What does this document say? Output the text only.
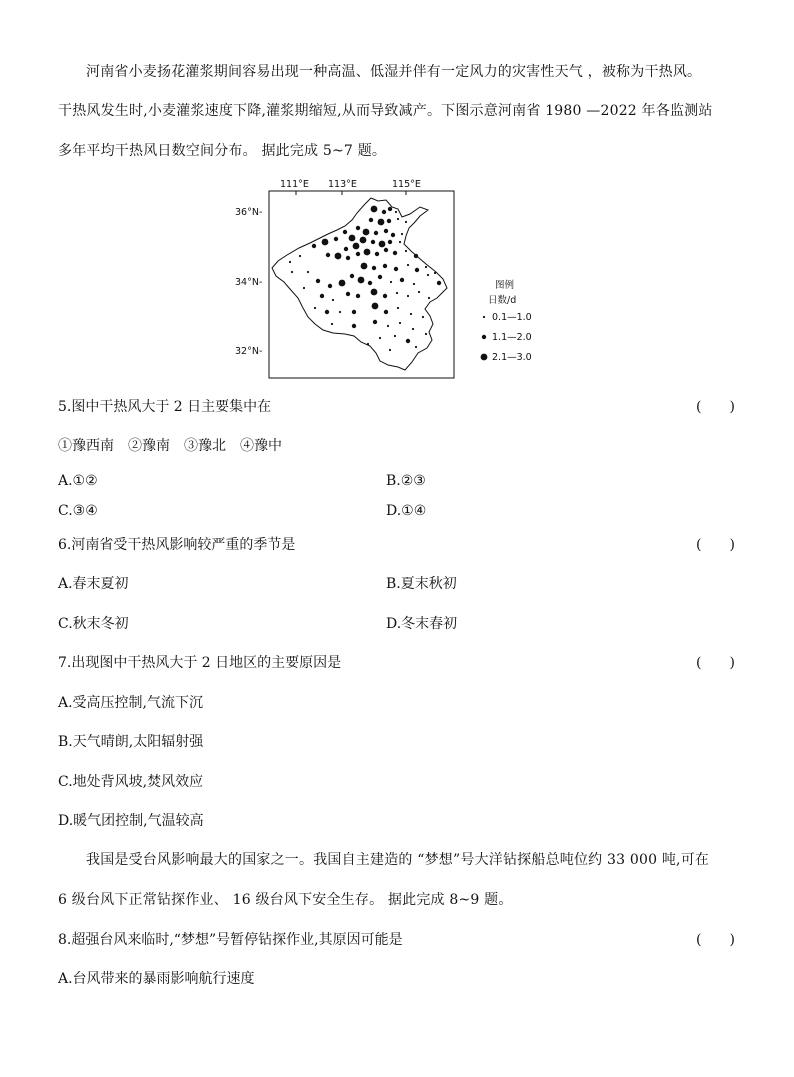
河南省小麦扬花灌浆期间容易出现一种高温、低湿并伴有一定风力的灾害性天气 ，被称为干热风。
干热风发生时,小麦灌浆速度下降,灌浆期缩短,从而导致减产。下图示意河南省 1980 —2022 年各监测站
多年平均干热风日数空间分布。 据此完成 5~7 题。
111°E 113°E	115°E
36°N-
34°N-
32°N-
图例
日数/d
0.1—1.0
1.1—2.0
2.1—3.0
5.图中干热风大于 2 日主要集中在	(　　)
①豫西南　②豫南　③豫北　④豫中
A.①②	B.②③
C.③④	D.①④
6.河南省受干热风影响较严重的季节是	(　　)
A.春末夏初	B.夏末秋初
C.秋末冬初	D.冬末春初
7.出现图中干热风大于 2 日地区的主要原因是	(　　)
A.受高压控制,气流下沉
B.天气晴朗,太阳辐射强
C.地处背风坡,焚风效应
D.暖气团控制,气温较高
我国是受台风影响最大的国家之一。我国自主建造的 “梦想”号大洋钻探船总吨位约 33 000 吨,可在
6 级台风下正常钻探作业、 16 级台风下安全生存。 据此完成 8~9 题。
8.超强台风来临时,“梦想”号暂停钻探作业,其原因可能是	(　　)
A.台风带来的暴雨影响航行速度
